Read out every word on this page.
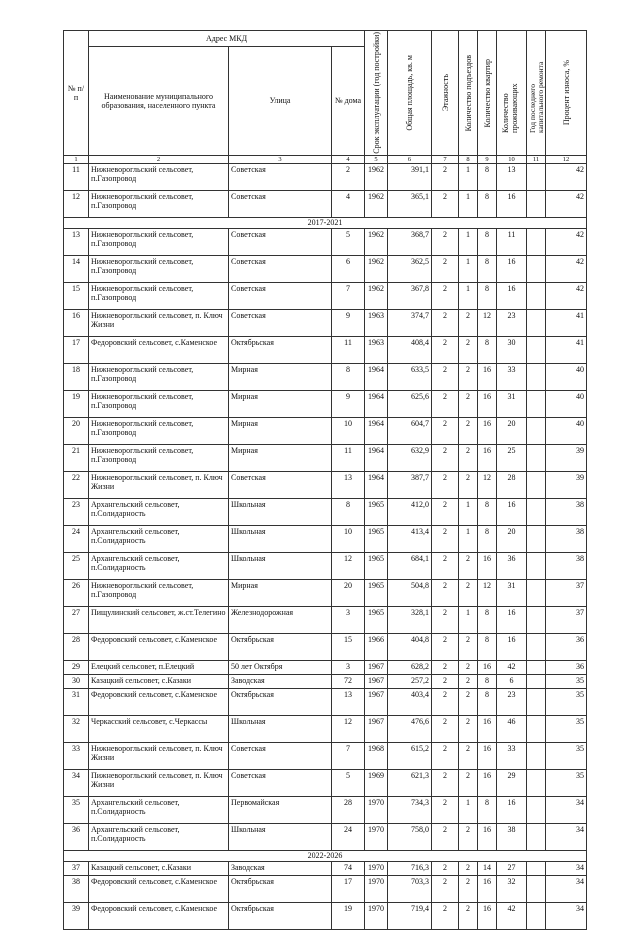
№ п/п	Адрес МКД			Срок эксплуатации (год постройки)	Общая площадь, кв. м	Этажность	Количество подъездов	Количество квартир	Количество проживающих	Год последнего капитального ремонта	Процент износа, %

	Наименование муниципального образования, населенного пункта	Улица	№ дома								
1	2	3	4	5	6	7	8	9	10	11	12
11	Нижневорогльский сельсовет, п.Газопровод	Советская	2	1962	391,1	2	1	8	13		42
12	Нижневорогльский сельсовет, п.Газопровод	Советская	4	1962	365,1	2	1	8	16		42
2017-2021											
13	Нижневорогльский сельсовет, п.Газопровод	Советская	5	1962	368,7	2	1	8	11		42
14	Нижневорогльский сельсовет, п.Газопровод	Советская	6	1962	362,5	2	1	8	16		42
15	Нижневорогльский сельсовет, п.Газопровод	Советская	7	1962	367,8	2	1	8	16		42
16	Нижневорогльский сельсовет, п. Ключ Жизни	Советская	9	1963	374,7	2	2	12	23		41
17	Федоровский сельсовет, с.Каменское	Октябрьская	11	1963	408,4	2	2	8	30		41
18	Нижневорогльский сельсовет, п.Газопровод	Мирная	8	1964	633,5	2	2	16	33		40
19	Нижневорогльский сельсовет, п.Газопровод	Мирная	9	1964	625,6	2	2	16	31		40
20	Нижневорогльский сельсовет, п.Газопровод	Мирная	10	1964	604,7	2	2	16	20		40
21	Нижневорогльский сельсовет, п.Газопровод	Мирная	11	1964	632,9	2	2	16	25		39
22	Нижневорогльский сельсовет, п. Ключ Жизни	Советская	13	1964	387,7	2	2	12	28		39
23	Архангельский сельсовет, п.Солидарность	Школьная	8	1965	412,0	2	1	8	16		38
24	Архангельский сельсовет, п.Солидарность	Школьная	10	1965	413,4	2	1	8	20		38
25	Архангельский сельсовет, п.Солидарность	Школьная	12	1965	684,1	2	2	16	36		38
26	Нижневорогльский сельсовет, п.Газопровод	Мирная	20	1965	504,8	2	2	12	31		37
27	Пищулинский сельсовет, ж.ст.Телегино	Железнодорожная	3	1965	328,1	2	1	8	16		37
28	Федоровский сельсовет, с.Каменское	Октябрьская	15	1966	404,8	2	2	8	16		36
29	Елецкий сельсовет, п.Елецкий	50 лет Октября	3	1967	628,2	2	2	16	42		36
30	Казацкий сельсовет, с.Казаки	Заводская	72	1967	257,2	2	2	8	6		35
31	Федоровский сельсовет, с.Каменское	Октябрьская	13	1967	403,4	2	2	8	23		35
32	Черкасский сельсовет, с.Черкассы	Школьная	12	1967	476,6	2	2	16	46		35
33	Нижневорогльский сельсовет, п. Ключ Жизни	Советская	7	1968	615,2	2	2	16	33		35
34	Пижневорогльский сельсовет, п. Ключ Жизни	Советская	5	1969	621,3	2	2	16	29		35
35	Архангельский сельсовет, п.Солидарность	Первомайская	28	1970	734,3	2	1	8	16		34
36	Архангельский сельсовет, п.Солидарность	Школьная	24	1970	758,0	2	2	16	38		34
2022-2026											
37	Казацкий сельсовет, с.Казаки	Заводская	74	1970	716,3	2	2	14	27		34
38	Федоровский сельсовет, с.Каменское	Октябрьская	17	1970	703,3	2	2	16	32		34
39	Федоровский сельсовет, с.Каменское	Октябрьская	19	1970	719,4	2	2	16	42		34
